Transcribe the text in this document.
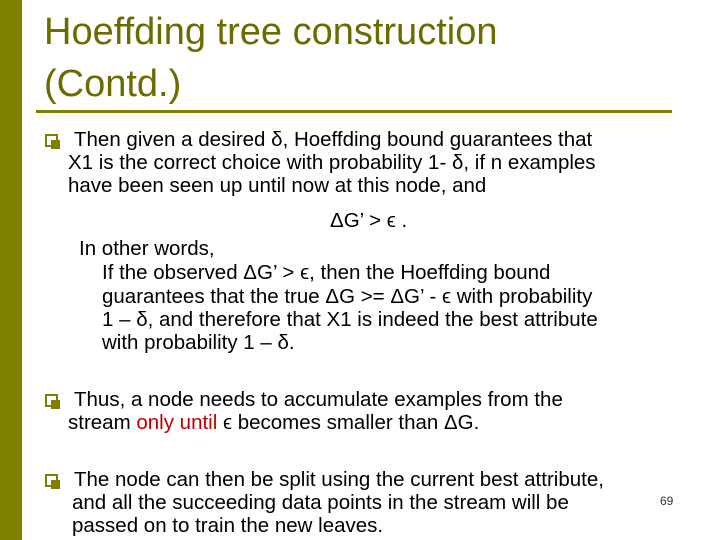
Hoeffding tree construction
(Contd.)
Then given a desired δ, Hoeffding bound guarantees that
X1 is the correct choice with probability 1- δ, if n examples
have been seen up until now at this node, and
ΔG’ > ϵ .
In other words,
If the observed ΔG’ > ϵ, then the Hoeffding bound
guarantees that the true ΔG >= ΔG’ - ϵ with probability
1 – δ, and therefore that X1 is indeed the best attribute
with probability 1 – δ.
Thus, a node needs to accumulate examples from the
stream only until ϵ becomes smaller than ΔG.
The node can then be split using the current best attribute,
and all the succeeding data points in the stream will be
passed on to train the new leaves.
69
